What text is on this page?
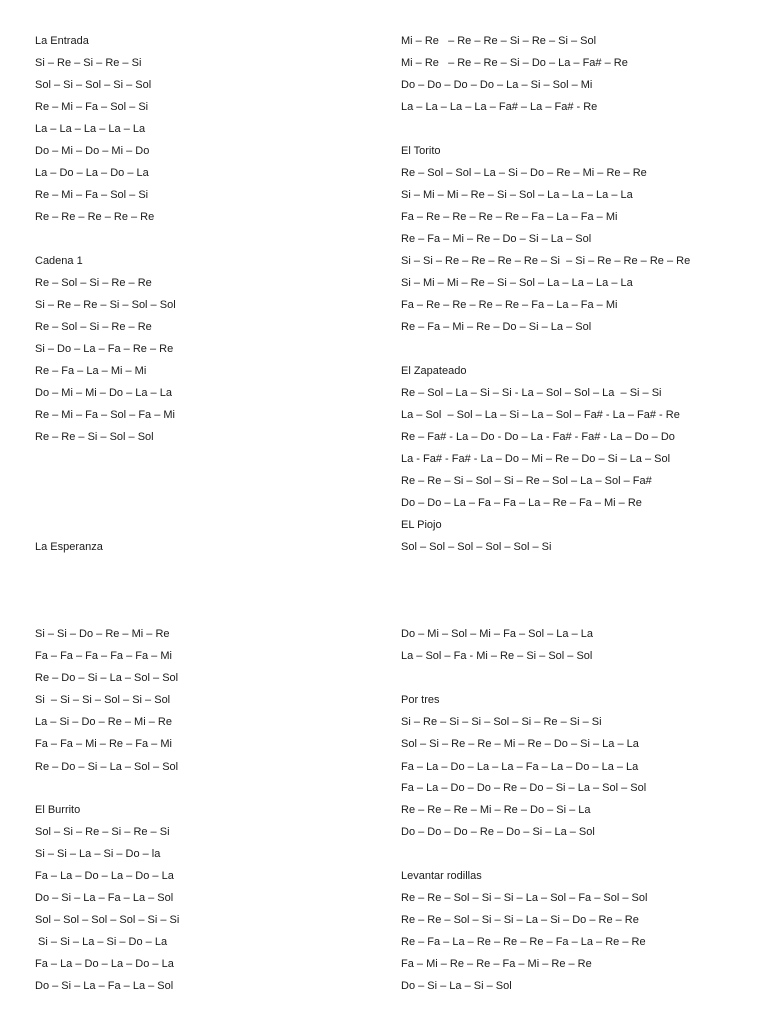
La Entrada
Si – Re – Si – Re – Si
Sol – Si – Sol – Si – Sol
Re – Mi – Fa – Sol – Si
La – La – La – La – La
Do – Mi – Do – Mi – Do
La – Do – La – Do – La
Re – Mi – Fa – Sol – Si
Re – Re – Re – Re – Re
Cadena 1
Re – Sol – Si – Re – Re
Si – Re – Re – Si – Sol – Sol
Re – Sol – Si – Re – Re
Si – Do – La – Fa – Re – Re
Re – Fa – La – Mi – Mi
Do – Mi – Mi – Do – La – La
Re – Mi – Fa – Sol – Fa – Mi
Re – Re – Si – Sol – Sol
La Esperanza
Si – Si – Do – Re – Mi – Re
Fa – Fa – Fa – Fa – Fa – Mi
Re – Do – Si – La – Sol – Sol
Si  – Si – Si – Sol – Si – Sol
La – Si – Do – Re – Mi – Re
Fa – Fa – Mi – Re – Fa – Mi
Re – Do – Si – La – Sol – Sol
El Burrito
Sol – Si – Re – Si – Re – Si
Si – Si – La – Si – Do – la
Fa – La – Do – La – Do – La
Do – Si – La – Fa – La – Sol
Sol – Sol – Sol – Sol – Si – Si
Si – Si – La – Si – Do – La
Fa – La – Do – La – Do – La
Do – Si – La – Fa – La – Sol
Mi – Re   – Re – Re – Si – Re – Si – Sol
Mi – Re   – Re – Re – Si – Do – La – Fa# – Re
Do – Do – Do – Do – La – Si – Sol – Mi
La – La – La – La – Fa# – La – Fa# - Re
El Torito
Re – Sol – Sol – La – Si – Do – Re – Mi – Re – Re
Si – Mi – Mi – Re – Si – Sol – La – La – La – La
Fa – Re – Re – Re – Re – Fa – La – Fa – Mi
Re – Fa – Mi – Re – Do – Si – La – Sol
Si – Si – Re – Re – Re – Re – Si  – Si – Re – Re – Re – Re
Si – Mi – Mi – Re – Si – Sol – La – La – La – La
Fa – Re – Re – Re – Re – Fa – La – Fa – Mi
Re – Fa – Mi – Re – Do – Si – La – Sol
El Zapateado
Re – Sol – La – Si – Si - La – Sol – Sol – La  – Si – Si
La – Sol  – Sol – La – Si – La – Sol – Fa# - La – Fa# - Re
Re – Fa# - La – Do - Do – La - Fa# - Fa# - La – Do – Do
La - Fa# - Fa# - La – Do – Mi – Re – Do – Si – La – Sol
Re – Re – Si – Sol – Si – Re – Sol – La – Sol – Fa#
Do – Do – La – Fa – Fa – La – Re – Fa – Mi – Re
EL Piojo
Sol – Sol – Sol – Sol – Sol – Si
Do – Mi – Sol – Mi – Fa – Sol – La – La
La – Sol – Fa - Mi – Re – Si – Sol – Sol
Por tres
Si – Re – Si – Si – Sol – Si – Re – Si – Si
Sol – Si – Re – Re – Mi – Re – Do – Si – La – La
Fa – La – Do – La – La – Fa – La – Do – La – La
Fa – La – Do – Do – Re – Do – Si – La – Sol – Sol
Re – Re – Re – Mi – Re – Do – Si – La
Do – Do – Do – Re – Do – Si – La – Sol
Levantar rodillas
Re – Re – Sol – Si – Si – La – Sol – Fa – Sol – Sol
Re – Re – Sol – Si – Si – La – Si – Do – Re – Re
Re – Fa – La – Re – Re – Re – Fa – La – Re – Re
Fa – Mi – Re – Re – Fa – Mi – Re – Re
Do – Si – La – Si – Sol
